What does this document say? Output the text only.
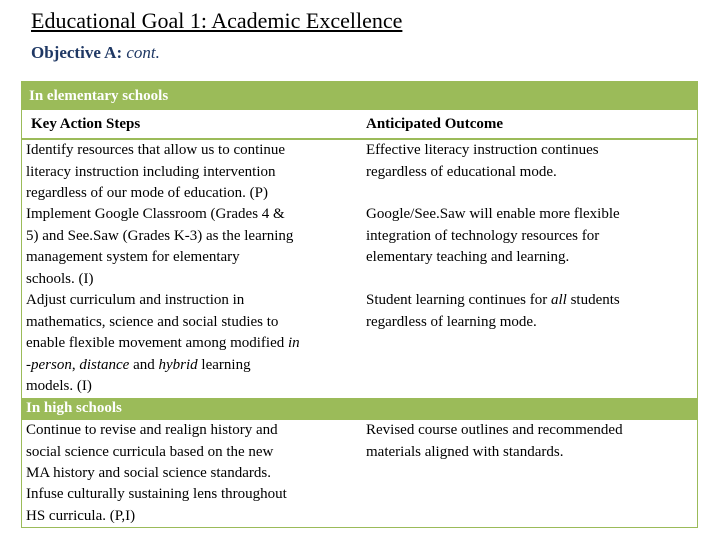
Educational Goal 1: Academic Excellence
Objective A: cont.
In elementary schools
Key Action Steps	Anticipated Outcome
Identify resources that allow us to continue
literacy instruction including intervention
regardless of our mode of education. (P)
Implement Google Classroom (Grades 4 &
5) and See.Saw (Grades K-3) as the learning
management system for elementary
schools. (I)
Adjust curriculum and instruction in
mathematics, science and social studies to
enable flexible movement among modified in
-person, distance and hybrid learning
models. (I)
Effective literacy instruction continues
regardless of educational mode.
Google/See.Saw will enable more flexible
integration of technology resources for
elementary teaching and learning.
Student learning continues for all students
regardless of learning mode.
In high schools
Continue to revise and realign history and
social science curricula based on the new
MA history and social science standards.
Infuse culturally sustaining lens throughout
HS curricula. (P,I)
Revised course outlines and recommended
materials aligned with standards.
